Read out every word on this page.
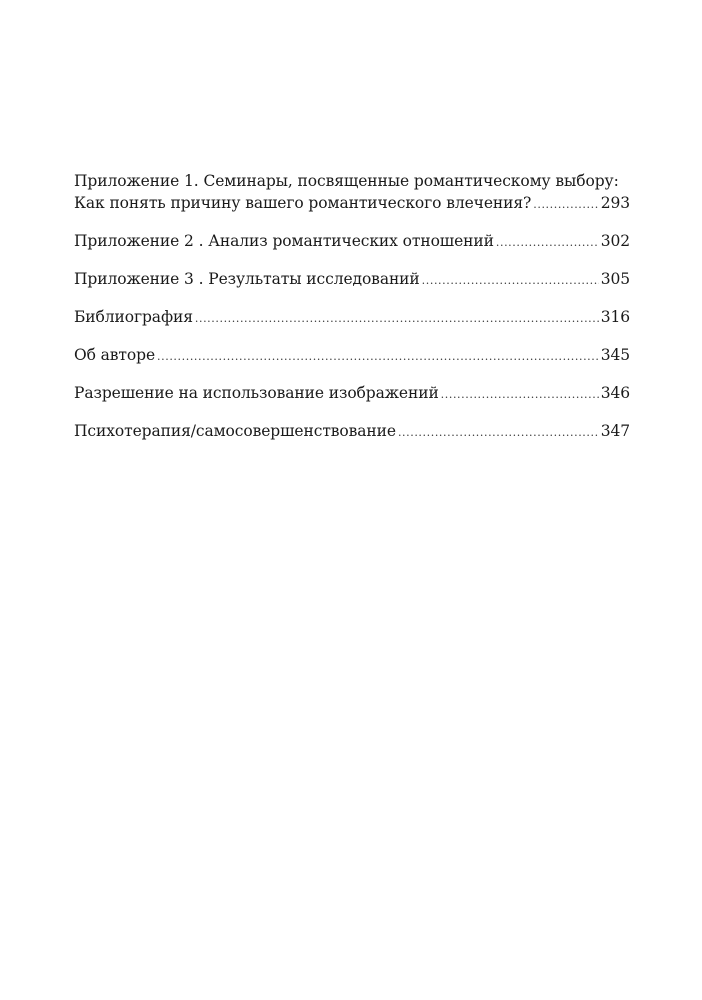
Приложение 1. Семинары, посвященные романтическому выбору:
Как понять причину вашего романтического влечения? .....	293
Приложение 2 . Анализ романтических отношений .....	302
Приложение 3 . Результаты исследований .....	305
Библиография .....	316
Об авторе .....	345
Разрешение на использование изображений .....	346
Психотерапия/самосовершенствование .....	347
